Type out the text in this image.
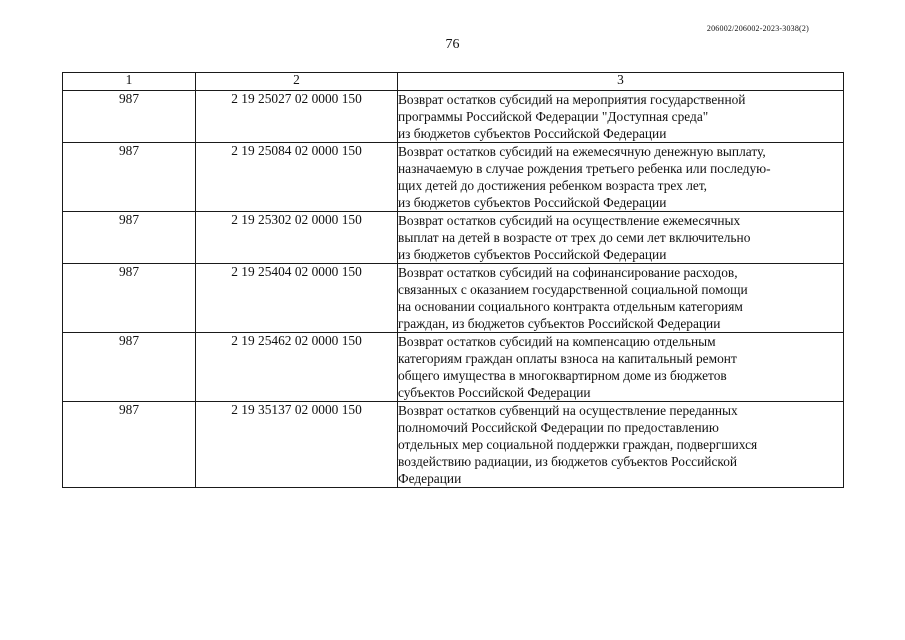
206002/206002-2023-3038(2)
76
1	2	3
987	2 19 25027 02 0000 150	Возврат остатков субсидий на мероприятия государственной
программы Российской Федерации "Доступная среда"
из бюджетов субъектов Российской Федерации

987	2 19 25084 02 0000 150	Возврат остатков субсидий на ежемесячную денежную выплату,
назначаемую в случае рождения третьего ребенка или последую-
щих детей до достижения ребенком возраста трех лет,
из бюджетов субъектов Российской Федерации

987	2 19 25302 02 0000 150	Возврат остатков субсидий на осуществление ежемесячных
выплат на детей в возрасте от трех до семи лет включительно
из бюджетов субъектов Российской Федерации

987	2 19 25404 02 0000 150	Возврат остатков субсидий на софинансирование расходов,
связанных с оказанием государственной социальной помощи
на основании социального контракта отдельным категориям
граждан, из бюджетов субъектов Российской Федерации

987	2 19 25462 02 0000 150	Возврат остатков субсидий на компенсацию отдельным
категориям граждан оплаты взноса на капитальный ремонт
общего имущества в многоквартирном доме из бюджетов
субъектов Российской Федерации

987	2 19 35137 02 0000 150	Возврат остатков субвенций на осуществление переданных
полномочий Российской Федерации по предоставлению
отдельных мер социальной поддержки граждан, подвергшихся
воздействию радиации, из бюджетов субъектов Российской
Федерации
